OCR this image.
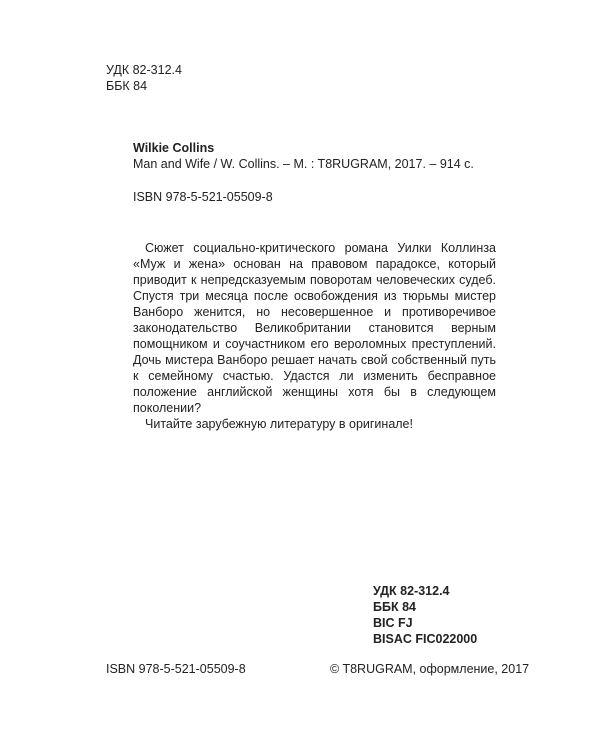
УДК 82-312.4
ББК 84
Wilkie Collins
Man and Wife / W. Collins. – M. : T8RUGRAM, 2017. – 914 c.
ISBN 978-5-521-05509-8

Сюжет социально-критического романа Уилки Коллинза «Муж и жена» основан на правовом парадоксе, который приводит к непредсказуемым поворотам человеческих судеб. Спустя три месяца после освобождения из тюрьмы мистер Ванборо женится, но несовершенное и противоречивое законодательство Великобритании становится верным помощником и соучастником его вероломных преступлений. Дочь мистера Ванборо решает начать свой собственный путь к семейному счастью. Удастся ли изменить бесправное положение английской женщины хотя бы в следующем поколении?

Читайте зарубежную литературу в оригинале!

УДК 82-312.4
ББК 84
BIC FJ
BISAC FIC022000
ISBN 978-5-521-05509-8	© T8RUGRAM, оформление, 2017
